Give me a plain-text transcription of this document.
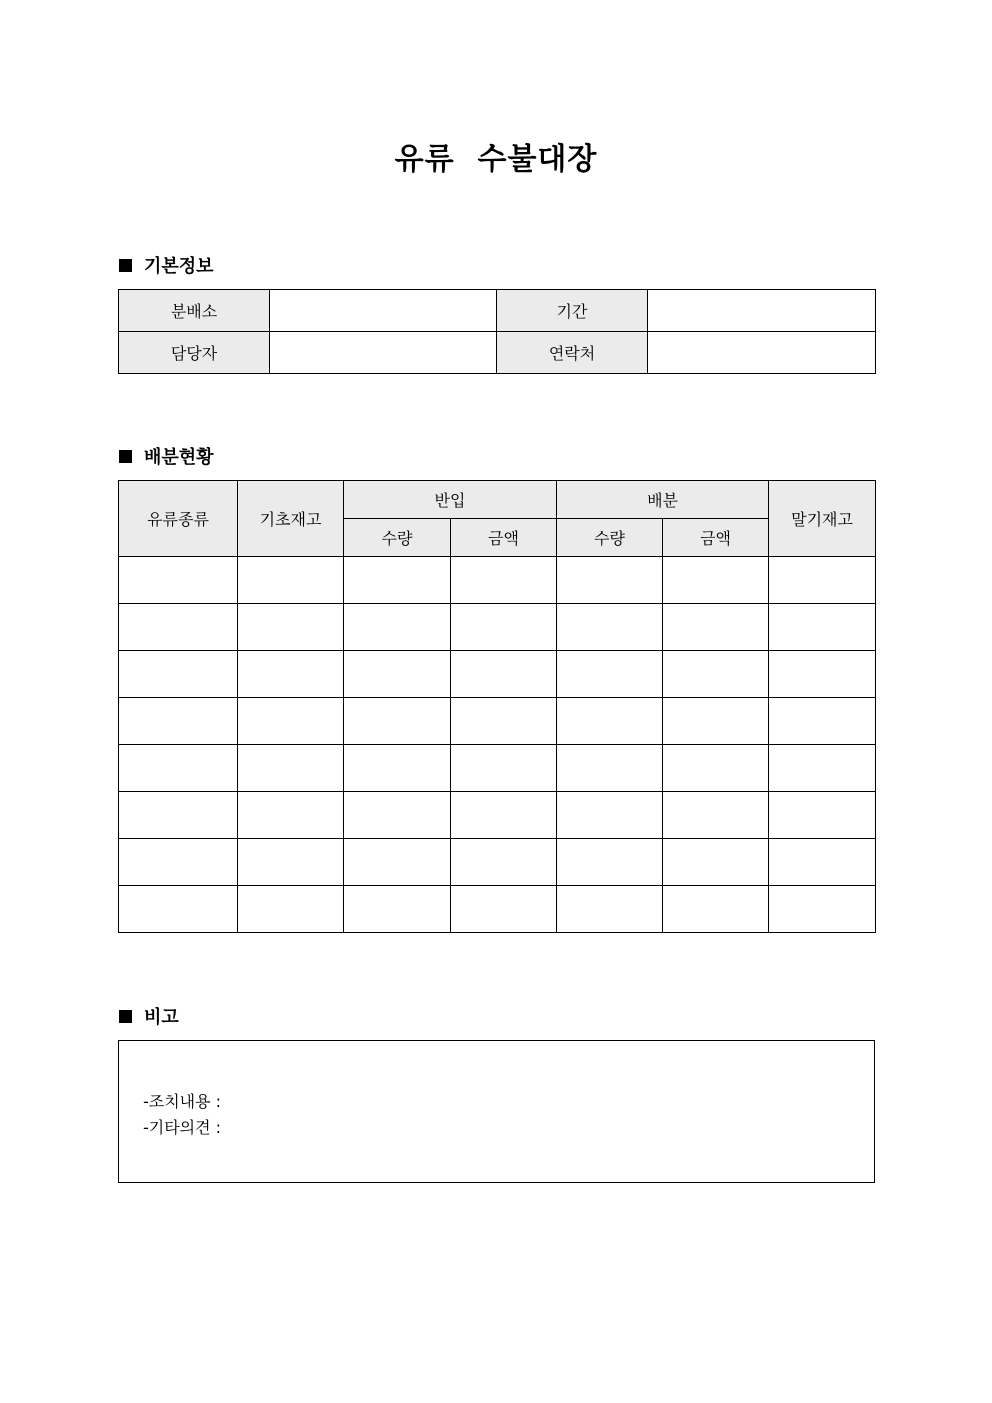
유류  수불대장
기본정보
분배소		기간	
담당자		연락처	
배분현황
유류종류	기초재고	반입		배분		말기재고
		수량	금액	수량	금액	

비고
-조치내용 :
-기타의견 :
